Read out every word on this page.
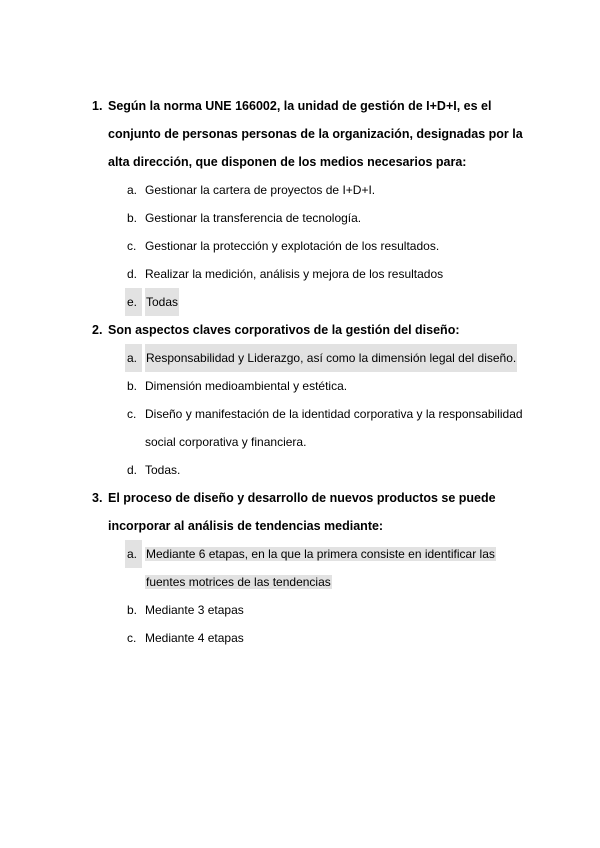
1. Según la norma UNE 166002, la unidad de gestión de I+D+I, es el
conjunto de personas personas de la organización, designadas por la
alta dirección, que disponen de los medios necesarios para:
a. Gestionar la cartera de proyectos de I+D+I.
b. Gestionar la transferencia de tecnología.
c. Gestionar la protección y explotación de los resultados.
d. Realizar la medición, análisis y mejora de los resultados
e. Todas
2. Son aspectos claves corporativos de la gestión del diseño:
a. Responsabilidad y Liderazgo, así como la dimensión legal del diseño.
b. Dimensión medioambiental y estética.
c. Diseño y manifestación de la identidad corporativa y la responsabilidad
social corporativa y financiera.
d. Todas.
3. El proceso de diseño y desarrollo de nuevos productos se puede
incorporar al análisis de tendencias mediante:
a. Mediante 6 etapas, en la que la primera consiste en identificar las
fuentes motrices de las tendencias
b. Mediante 3 etapas
c. Mediante 4 etapas
